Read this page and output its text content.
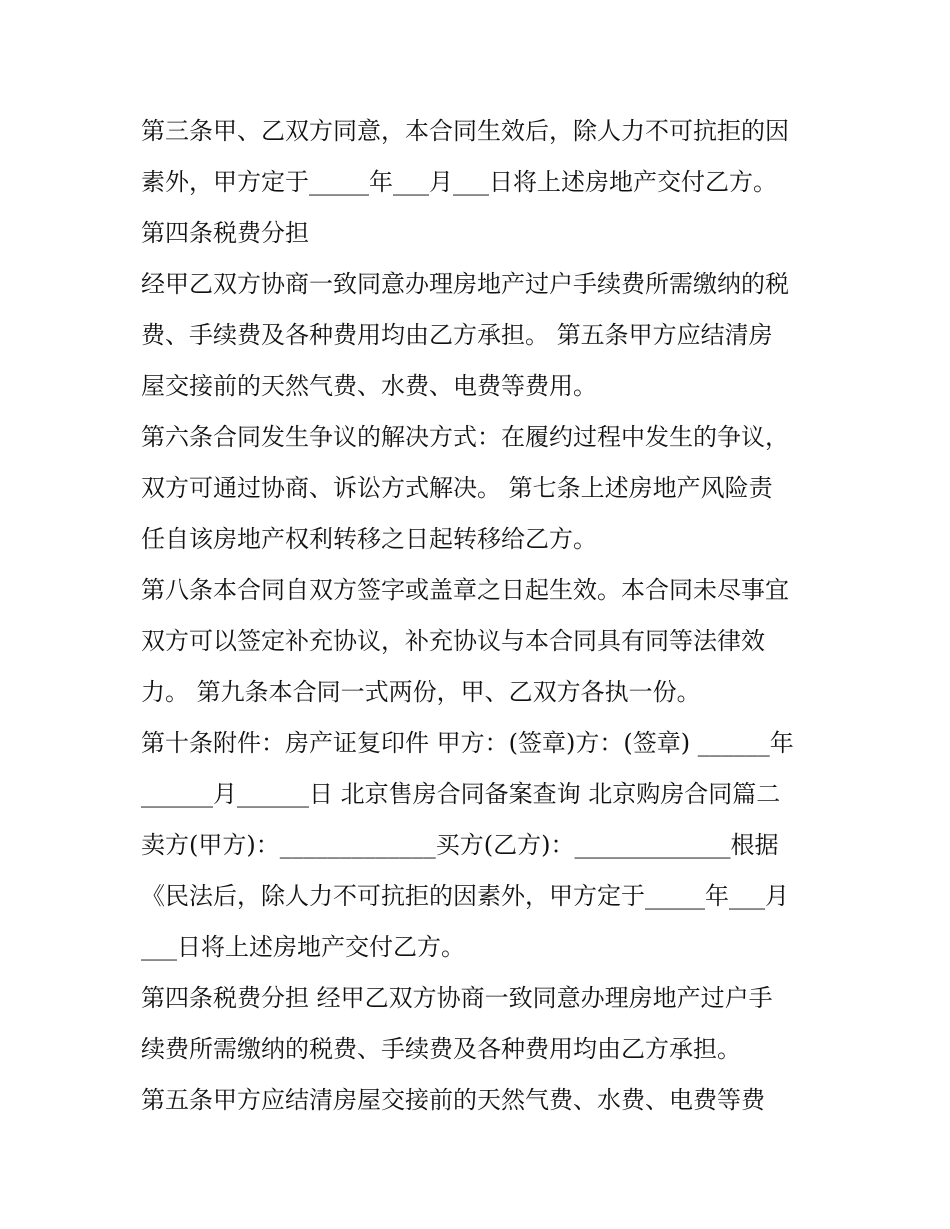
第三条甲、乙双方同意，本合同生效后，除人力不可抗拒的因
素外，甲方定于_____年___月___日将上述房地产交付乙方。
第四条税费分担
经甲乙双方协商一致同意办理房地产过户手续费所需缴纳的税
费、手续费及各种费用均由乙方承担。 第五条甲方应结清房
屋交接前的天然气费、水费、电费等费用。
第六条合同发生争议的解决方式：在履约过程中发生的争议，
双方可通过协商、诉讼方式解决。 第七条上述房地产风险责
任自该房地产权利转移之日起转移给乙方。
第八条本合同自双方签字或盖章之日起生效。本合同未尽事宜
双方可以签定补充协议，补充协议与本合同具有同等法律效
力。 第九条本合同一式两份，甲、乙双方各执一份。
第十条附件：房产证复印件 甲方：(签章)方：(签章) ______年
______月______日 北京售房合同备案查询 北京购房合同篇二
卖方(甲方)：_____________买方(乙方)：_____________根据
《民法后，除人力不可抗拒的因素外，甲方定于_____年___月
___日将上述房地产交付乙方。
第四条税费分担 经甲乙双方协商一致同意办理房地产过户手
续费所需缴纳的税费、手续费及各种费用均由乙方承担。
第五条甲方应结清房屋交接前的天然气费、水费、电费等费
